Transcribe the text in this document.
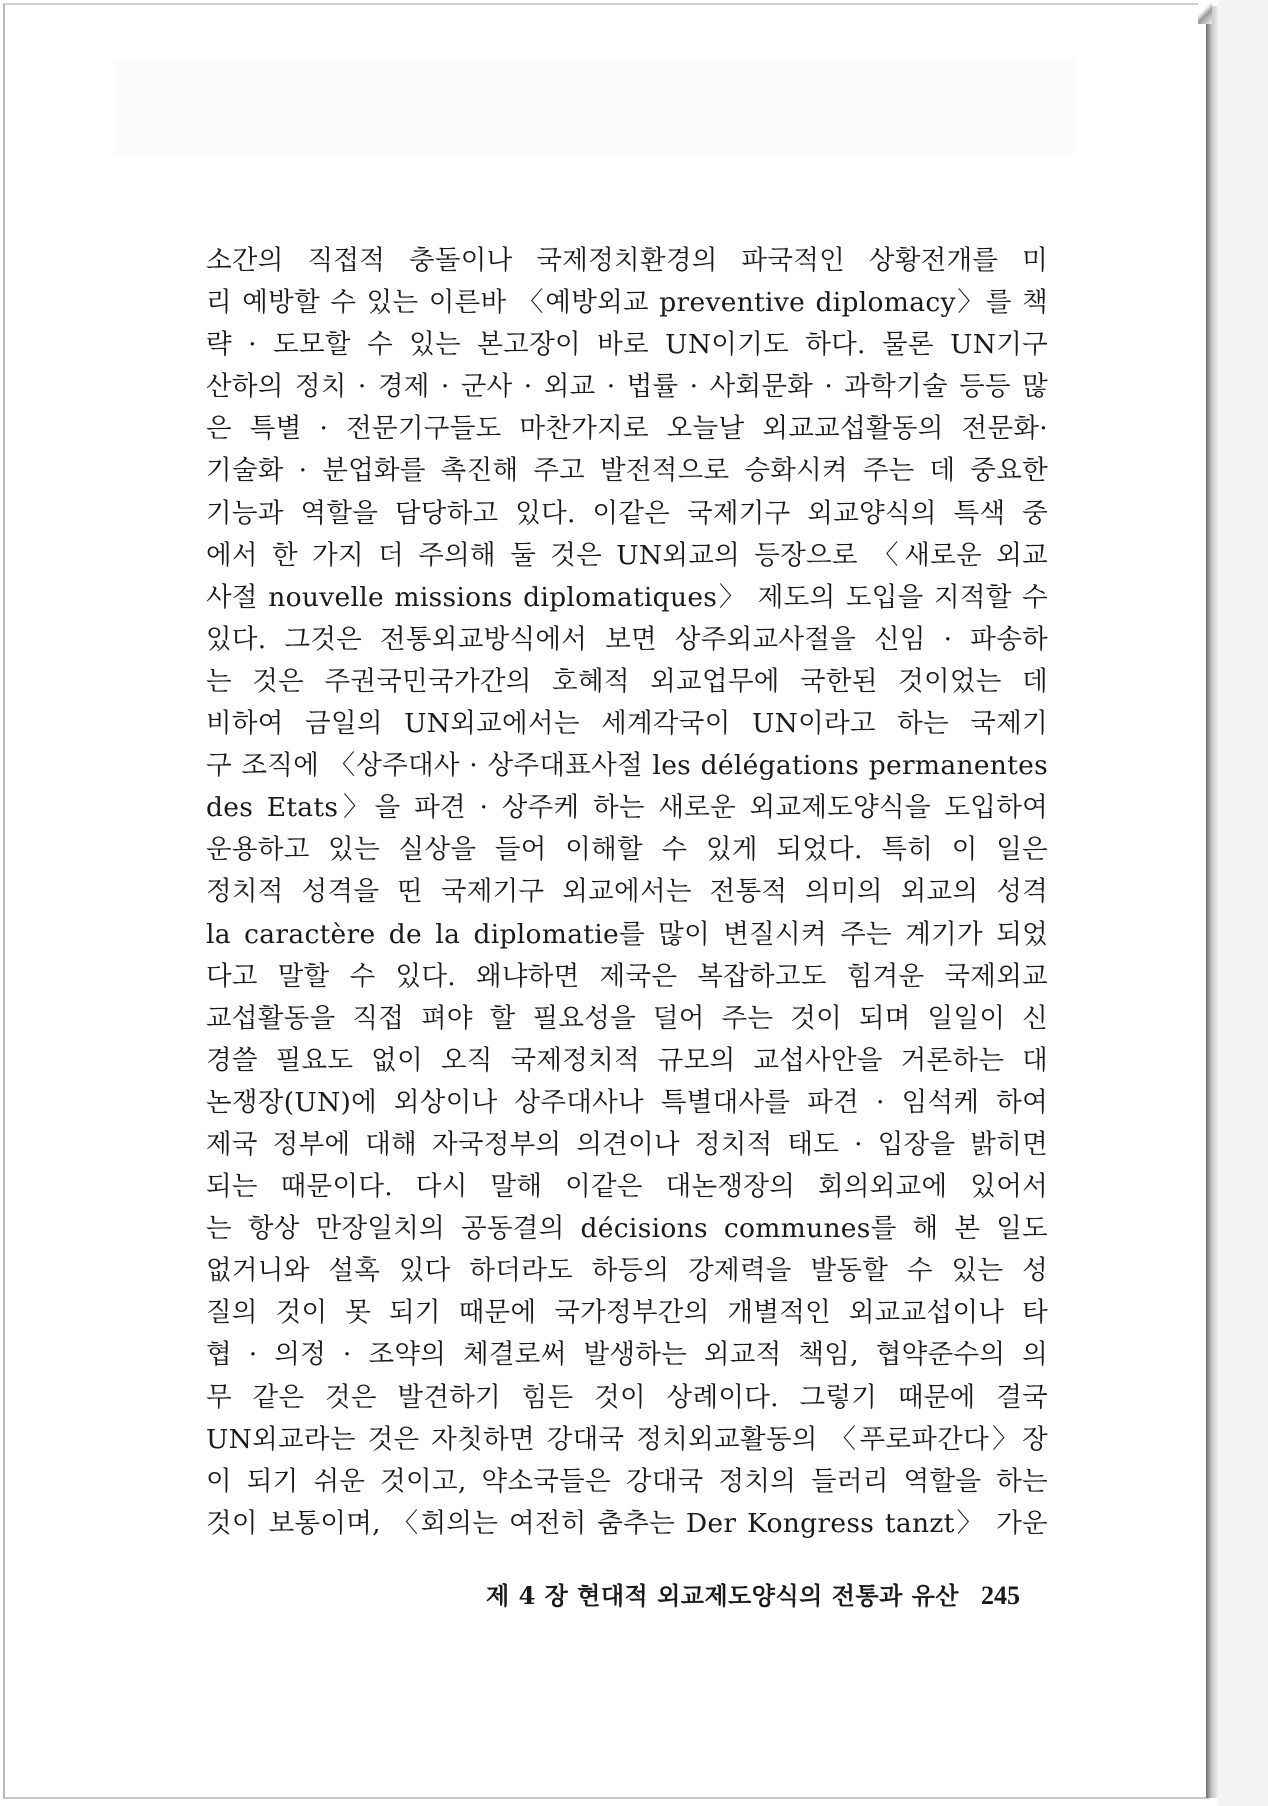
소간의 직접적 충돌이나 국제정치환경의 파국적인 상황전개를 미
리 예방할 수 있는 이른바 〈예방외교 preventive diplomacy〉를 책
략 · 도모할 수 있는 본고장이 바로 UN이기도 하다. 물론 UN기구
산하의 정치 · 경제 · 군사 · 외교 · 법률 · 사회문화 · 과학기술 등등 많
은 특별 · 전문기구들도 마찬가지로 오늘날 외교교섭활동의 전문화·
기술화 · 분업화를 촉진해 주고 발전적으로 승화시켜 주는 데 중요한
기능과 역할을 담당하고 있다. 이같은 국제기구 외교양식의 특색 중
에서 한 가지 더 주의해 둘 것은 UN외교의 등장으로 〈새로운 외교
사절 nouvelle missions diplomatiques〉 제도의 도입을 지적할 수
있다. 그것은 전통외교방식에서 보면 상주외교사절을 신임 · 파송하
는 것은 주권국민국가간의 호혜적 외교업무에 국한된 것이었는 데
비하여 금일의 UN외교에서는 세계각국이 UN이라고 하는 국제기
구 조직에 〈상주대사 · 상주대표사절 les délégations permanentes
des Etats〉을 파견 · 상주케 하는 새로운 외교제도양식을 도입하여
운용하고 있는 실상을 들어 이해할 수 있게 되었다. 특히 이 일은
정치적 성격을 띤 국제기구 외교에서는 전통적 의미의 외교의 성격
la caractère de la diplomatie를 많이 변질시켜 주는 계기가 되었
다고 말할 수 있다. 왜냐하면 제국은 복잡하고도 힘겨운 국제외교
교섭활동을 직접 펴야 할 필요성을 덜어 주는 것이 되며 일일이 신
경쓸 필요도 없이 오직 국제정치적 규모의 교섭사안을 거론하는 대
논쟁장(UN)에 외상이나 상주대사나 특별대사를 파견 · 임석케 하여
제국 정부에 대해 자국정부의 의견이나 정치적 태도 · 입장을 밝히면
되는 때문이다. 다시 말해 이같은 대논쟁장의 회의외교에 있어서
는 항상 만장일치의 공동결의 décisions communes를 해 본 일도
없거니와 설혹 있다 하더라도 하등의 강제력을 발동할 수 있는 성
질의 것이 못 되기 때문에 국가정부간의 개별적인 외교교섭이나 타
협 · 의정 · 조약의 체결로써 발생하는 외교적 책임, 협약준수의 의
무 같은 것은 발견하기 힘든 것이 상례이다. 그렇기 때문에 결국
UN외교라는 것은 자칫하면 강대국 정치외교활동의 〈푸로파간다〉장
이 되기 쉬운 것이고, 약소국들은 강대국 정치의 들러리 역할을 하는
것이 보통이며, 〈회의는 여전히 춤추는 Der Kongress tanzt〉 가운
제 4 장 현대적 외교제도양식의 전통과 유산 245
